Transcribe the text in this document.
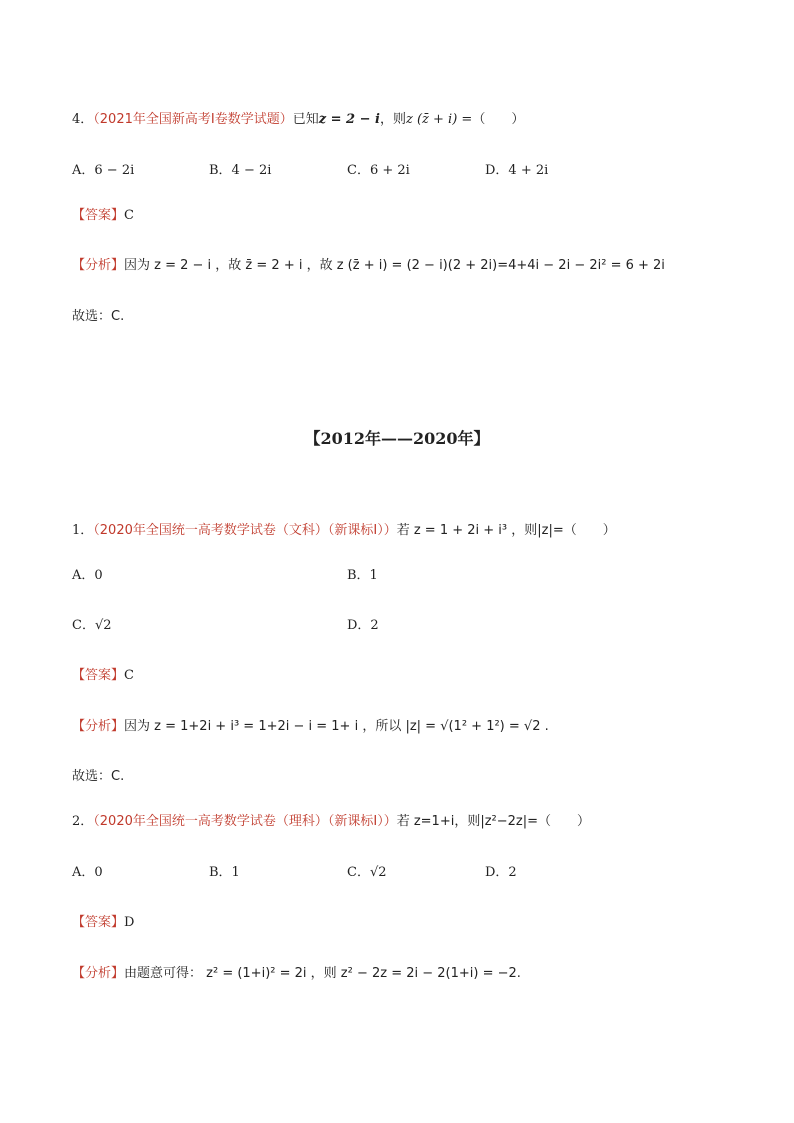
4．（2021年全国新高考Ⅰ卷数学试题）已知z = 2 − i，则z (z̄ + i) =（　　）
A．6 − 2i	B．4 − 2i	C．6 + 2i	D．4 + 2i
【答案】C
【分析】因为 z = 2 − i ，故 z̄ = 2 + i ，故 z (z̄ + i) = (2 − i)(2 + 2i)=4+4i − 2i − 2i² = 6 + 2i
故选：C.
【2012年——2020年】
1．（2020年全国统一高考数学试卷（文科）（新课标Ⅰ））若 z = 1 + 2i + i³ ，则|z|=（　　）
A．0	B．1
C．√2	D．2
【答案】C
【分析】因为 z = 1+2i + i³ = 1+2i − i = 1+ i ，所以 |z| = √(1² + 1²) = √2 .
故选：C.
2．（2020年全国统一高考数学试卷（理科）（新课标Ⅰ））若 z=1+i，则|z²−2z|=（　　）
A．0	B．1	C．√2	D．2
【答案】D
【分析】由题意可得： z² = (1+i)² = 2i ，则 z² − 2z = 2i − 2(1+i) = −2.
